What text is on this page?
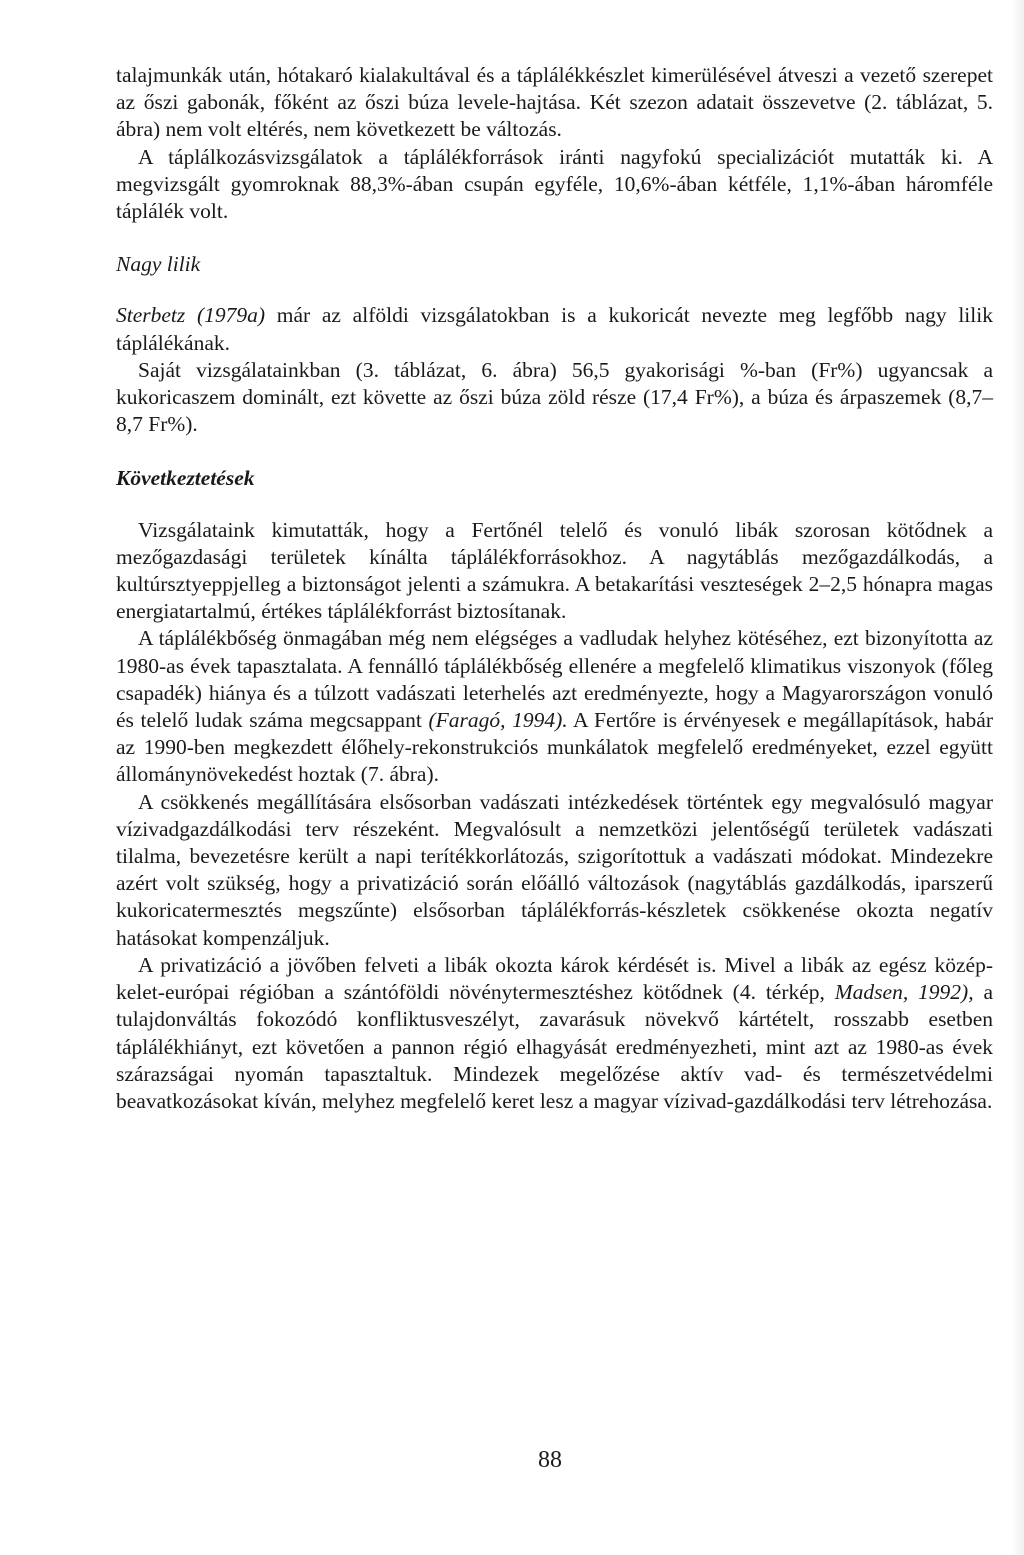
talajmunkák után, hótakaró kialakultával és a táplálékkészlet kimerülésével átveszi a vezető szerepet az őszi gabonák, főként az őszi búza levele-hajtása. Két szezon adatait összevetve (2. táblázat, 5. ábra) nem volt eltérés, nem következett be változás.

A táplálkozásvizsgálatok a táplálékforrások iránti nagyfokú specializációt mutatták ki. A megvizsgált gyomroknak 88,3%-ában csupán egyféle, 10,6%-ában kétféle, 1,1%-ában háromféle táplálék volt.

Nagy lilik

Sterbetz (1979a) már az alföldi vizsgálatokban is a kukoricát nevezte meg legfőbb nagy lilik táplálékának.

Saját vizsgálatainkban (3. táblázat, 6. ábra) 56,5 gyakorisági %-ban (Fr%) ugyancsak a kukoricaszem dominált, ezt követte az őszi búza zöld része (17,4 Fr%), a búza és árpaszemek (8,7–8,7 Fr%).

Következtetések

Vizsgálataink kimutatták, hogy a Fertőnél telelő és vonuló libák szorosan kötődnek a mezőgazdasági területek kínálta táplálékforrásokhoz. A nagytáblás mezőgazdálkodás, a kultúrsztyeppjelleg a biztonságot jelenti a számukra. A betakarítási veszteségek 2–2,5 hónapra magas energiatartalmú, értékes táplálékforrást biztosítanak.

A táplálékbőség önmagában még nem elégséges a vadludak helyhez kötéséhez, ezt bizonyította az 1980-as évek tapasztalata. A fennálló táplálékbőség ellenére a megfelelő klimatikus viszonyok (főleg csapadék) hiánya és a túlzott vadászati leterhelés azt eredményezte, hogy a Magyarországon vonuló és telelő ludak száma megcsappant (Faragó, 1994). A Fertőre is érvényesek e megállapítások, habár az 1990-ben megkezdett élőhely-rekonstrukciós munkálatok megfelelő eredményeket, ezzel együtt állománynövekedést hoztak (7. ábra).

A csökkenés megállítására elsősorban vadászati intézkedések történtek egy megvalósuló magyar vízivadgazdálkodási terv részeként. Megvalósult a nemzetközi jelentőségű területek vadászati tilalma, bevezetésre került a napi terítékkorlátozás, szigorítottuk a vadászati módokat. Mindezekre azért volt szükség, hogy a privatizáció során előálló változások (nagytáblás gazdálkodás, iparszerű kukoricatermesztés megszűnte) elsősorban táplálékforrás-készletek csökkenése okozta negatív hatásokat kompenzáljuk.

A privatizáció a jövőben felveti a libák okozta károk kérdését is. Mivel a libák az egész közép-kelet-európai régióban a szántóföldi növénytermesztéshez kötődnek (4. térkép, Madsen, 1992), a tulajdonváltás fokozódó konfliktusveszélyt, zavarásuk növekvő kártételt, rosszabb esetben táplálékhiányt, ezt követően a pannon régió elhagyását eredményezheti, mint azt az 1980-as évek szárazságai nyomán tapasztaltuk. Mindezek megelőzése aktív vad- és természetvédelmi beavatkozásokat kíván, melyhez megfelelő keret lesz a magyar vízivad-gazdálkodási terv létrehozása.

88
